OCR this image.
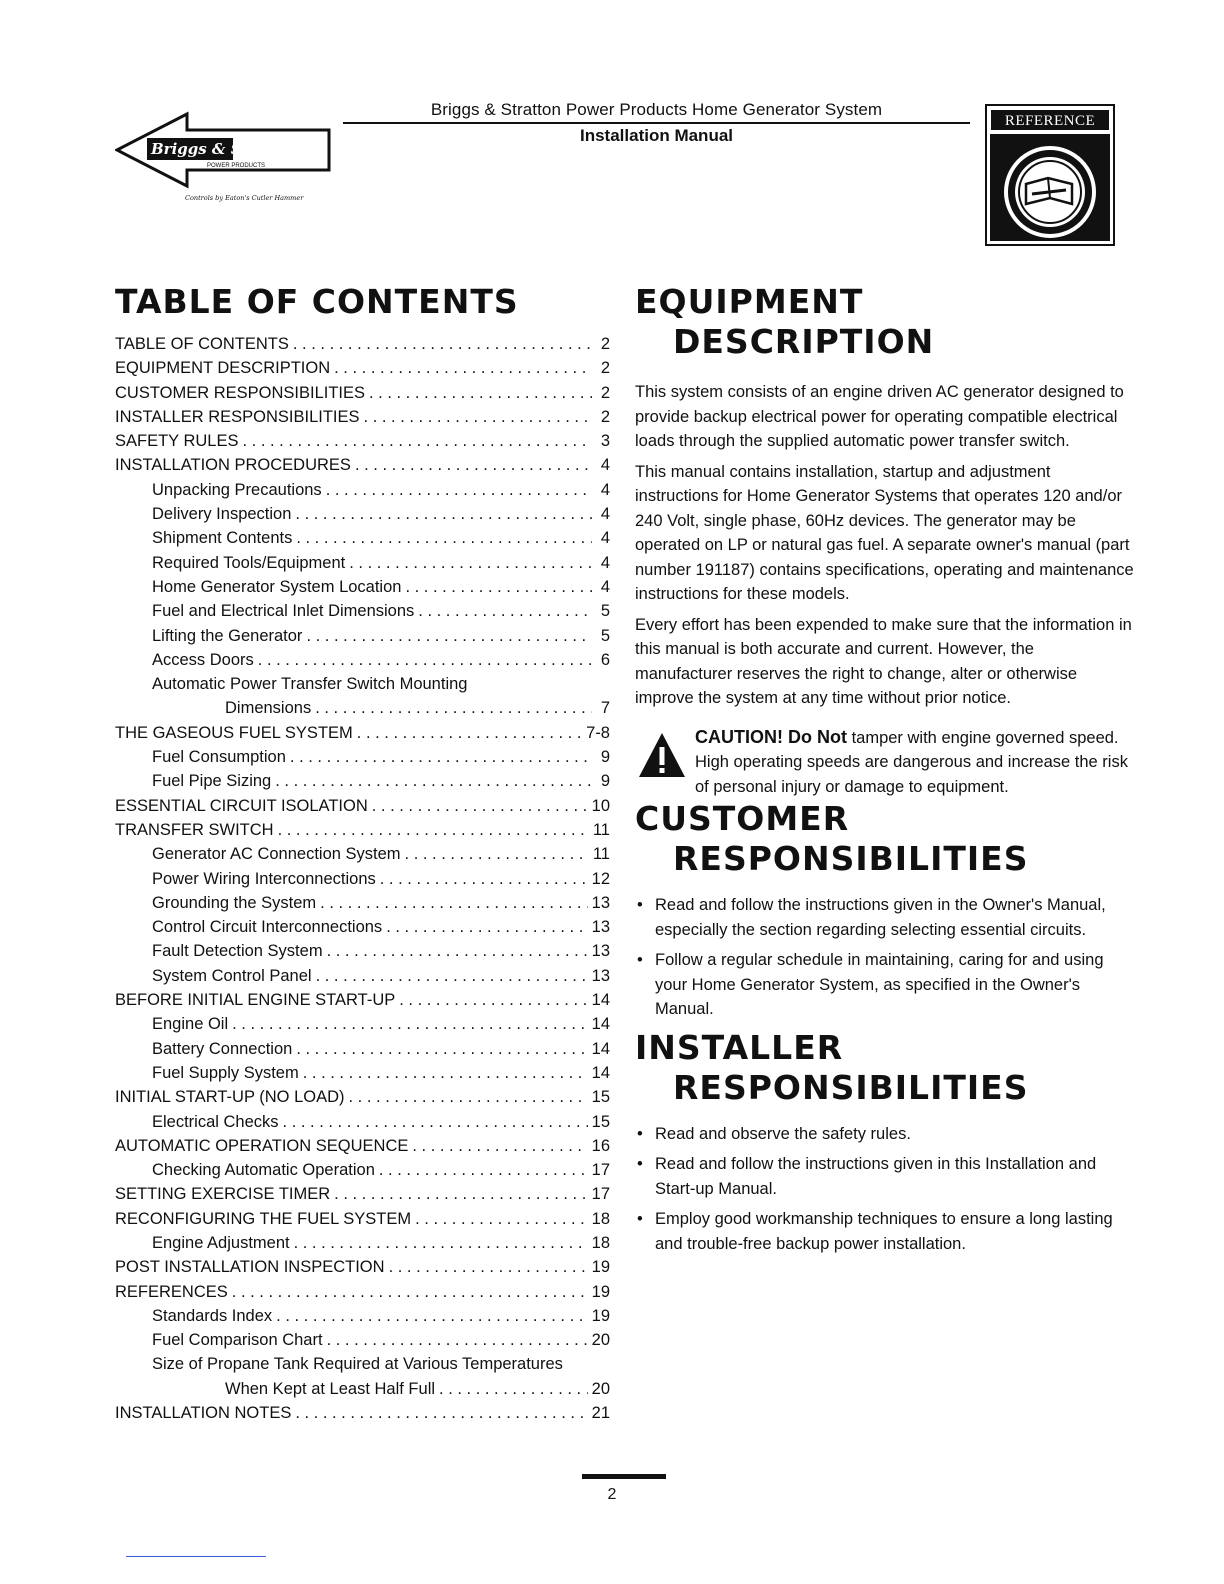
Briggs & Stratton
POWER PRODUCTS
Controls by Eaton's Cutler Hammer
Briggs & Stratton Power Products Home Generator System
Installation Manual
REFERENCE
TABLE OF CONTENTS
TABLE OF CONTENTS . . .	2
EQUIPMENT DESCRIPTION . . .	2
CUSTOMER RESPONSIBILITIES . . .	2
INSTALLER RESPONSIBILITIES . . .	2
SAFETY RULES . . .	3
INSTALLATION PROCEDURES . . .	4
Unpacking Precautions . . .	4
Delivery Inspection . . .	4
Shipment Contents . . .	4
Required Tools/Equipment . . .	4
Home Generator System Location . . .	4
Fuel and Electrical Inlet Dimensions . . .	5
Lifting the Generator . . .	5
Access Doors . . .	6
Automatic Power Transfer Switch Mounting
Dimensions . . .	7
THE GASEOUS FUEL SYSTEM . . .	7-8
Fuel Consumption . . .	9
Fuel Pipe Sizing . . .	9
ESSENTIAL CIRCUIT ISOLATION . . .	10
TRANSFER SWITCH . . .	11
Generator AC Connection System . . .	11
Power Wiring Interconnections . . .	12
Grounding the System . . .	13
Control Circuit Interconnections . . .	13
Fault Detection System . . .	13
System Control Panel . . .	13
BEFORE INITIAL ENGINE START-UP . . .	14
Engine Oil . . .	14
Battery Connection . . .	14
Fuel Supply System . . .	14
INITIAL START-UP (NO LOAD) . . .	15
Electrical Checks . . .	15
AUTOMATIC OPERATION SEQUENCE . . .	16
Checking Automatic Operation . . .	17
SETTING EXERCISE TIMER . . .	17
RECONFIGURING THE FUEL SYSTEM . . .	18
Engine Adjustment . . .	18
POST INSTALLATION INSPECTION . . .	19
REFERENCES . . .	19
Standards Index . . .	19
Fuel Comparison Chart . . .	20
Size of Propane Tank Required at Various Temperatures
When Kept at Least Half Full . . .	20
INSTALLATION NOTES . . .	21
EQUIPMENT
DESCRIPTION

This system consists of an engine driven AC generator designed to provide backup electrical power for operating compatible electrical loads through the supplied automatic power transfer switch.

This manual contains installation, startup and adjustment instructions for Home Generator Systems that operates 120 and/or 240 Volt, single phase, 60Hz devices. The generator may be operated on LP or natural gas fuel. A separate owner's manual (part number 191187) contains specifications, operating and maintenance instructions for these models.

Every effort has been expended to make sure that the information in this manual is both accurate and current. However, the manufacturer reserves the right to change, alter or otherwise improve the system at any time without prior notice.

CAUTION! Do Not tamper with engine governed speed. High operating speeds are dangerous and increase the risk of personal injury or damage to equipment.
CUSTOMER
RESPONSIBILITIES
• Read and follow the instructions given in the Owner's Manual, especially the section regarding selecting essential circuits.
• Follow a regular schedule in maintaining, caring for and using your Home Generator System, as specified in the Owner's Manual.
INSTALLER
RESPONSIBILITIES
• Read and observe the safety rules.
• Read and follow the instructions given in this Installation and Start-up Manual.
• Employ good workmanship techniques to ensure a long lasting and trouble-free backup power installation.
2
